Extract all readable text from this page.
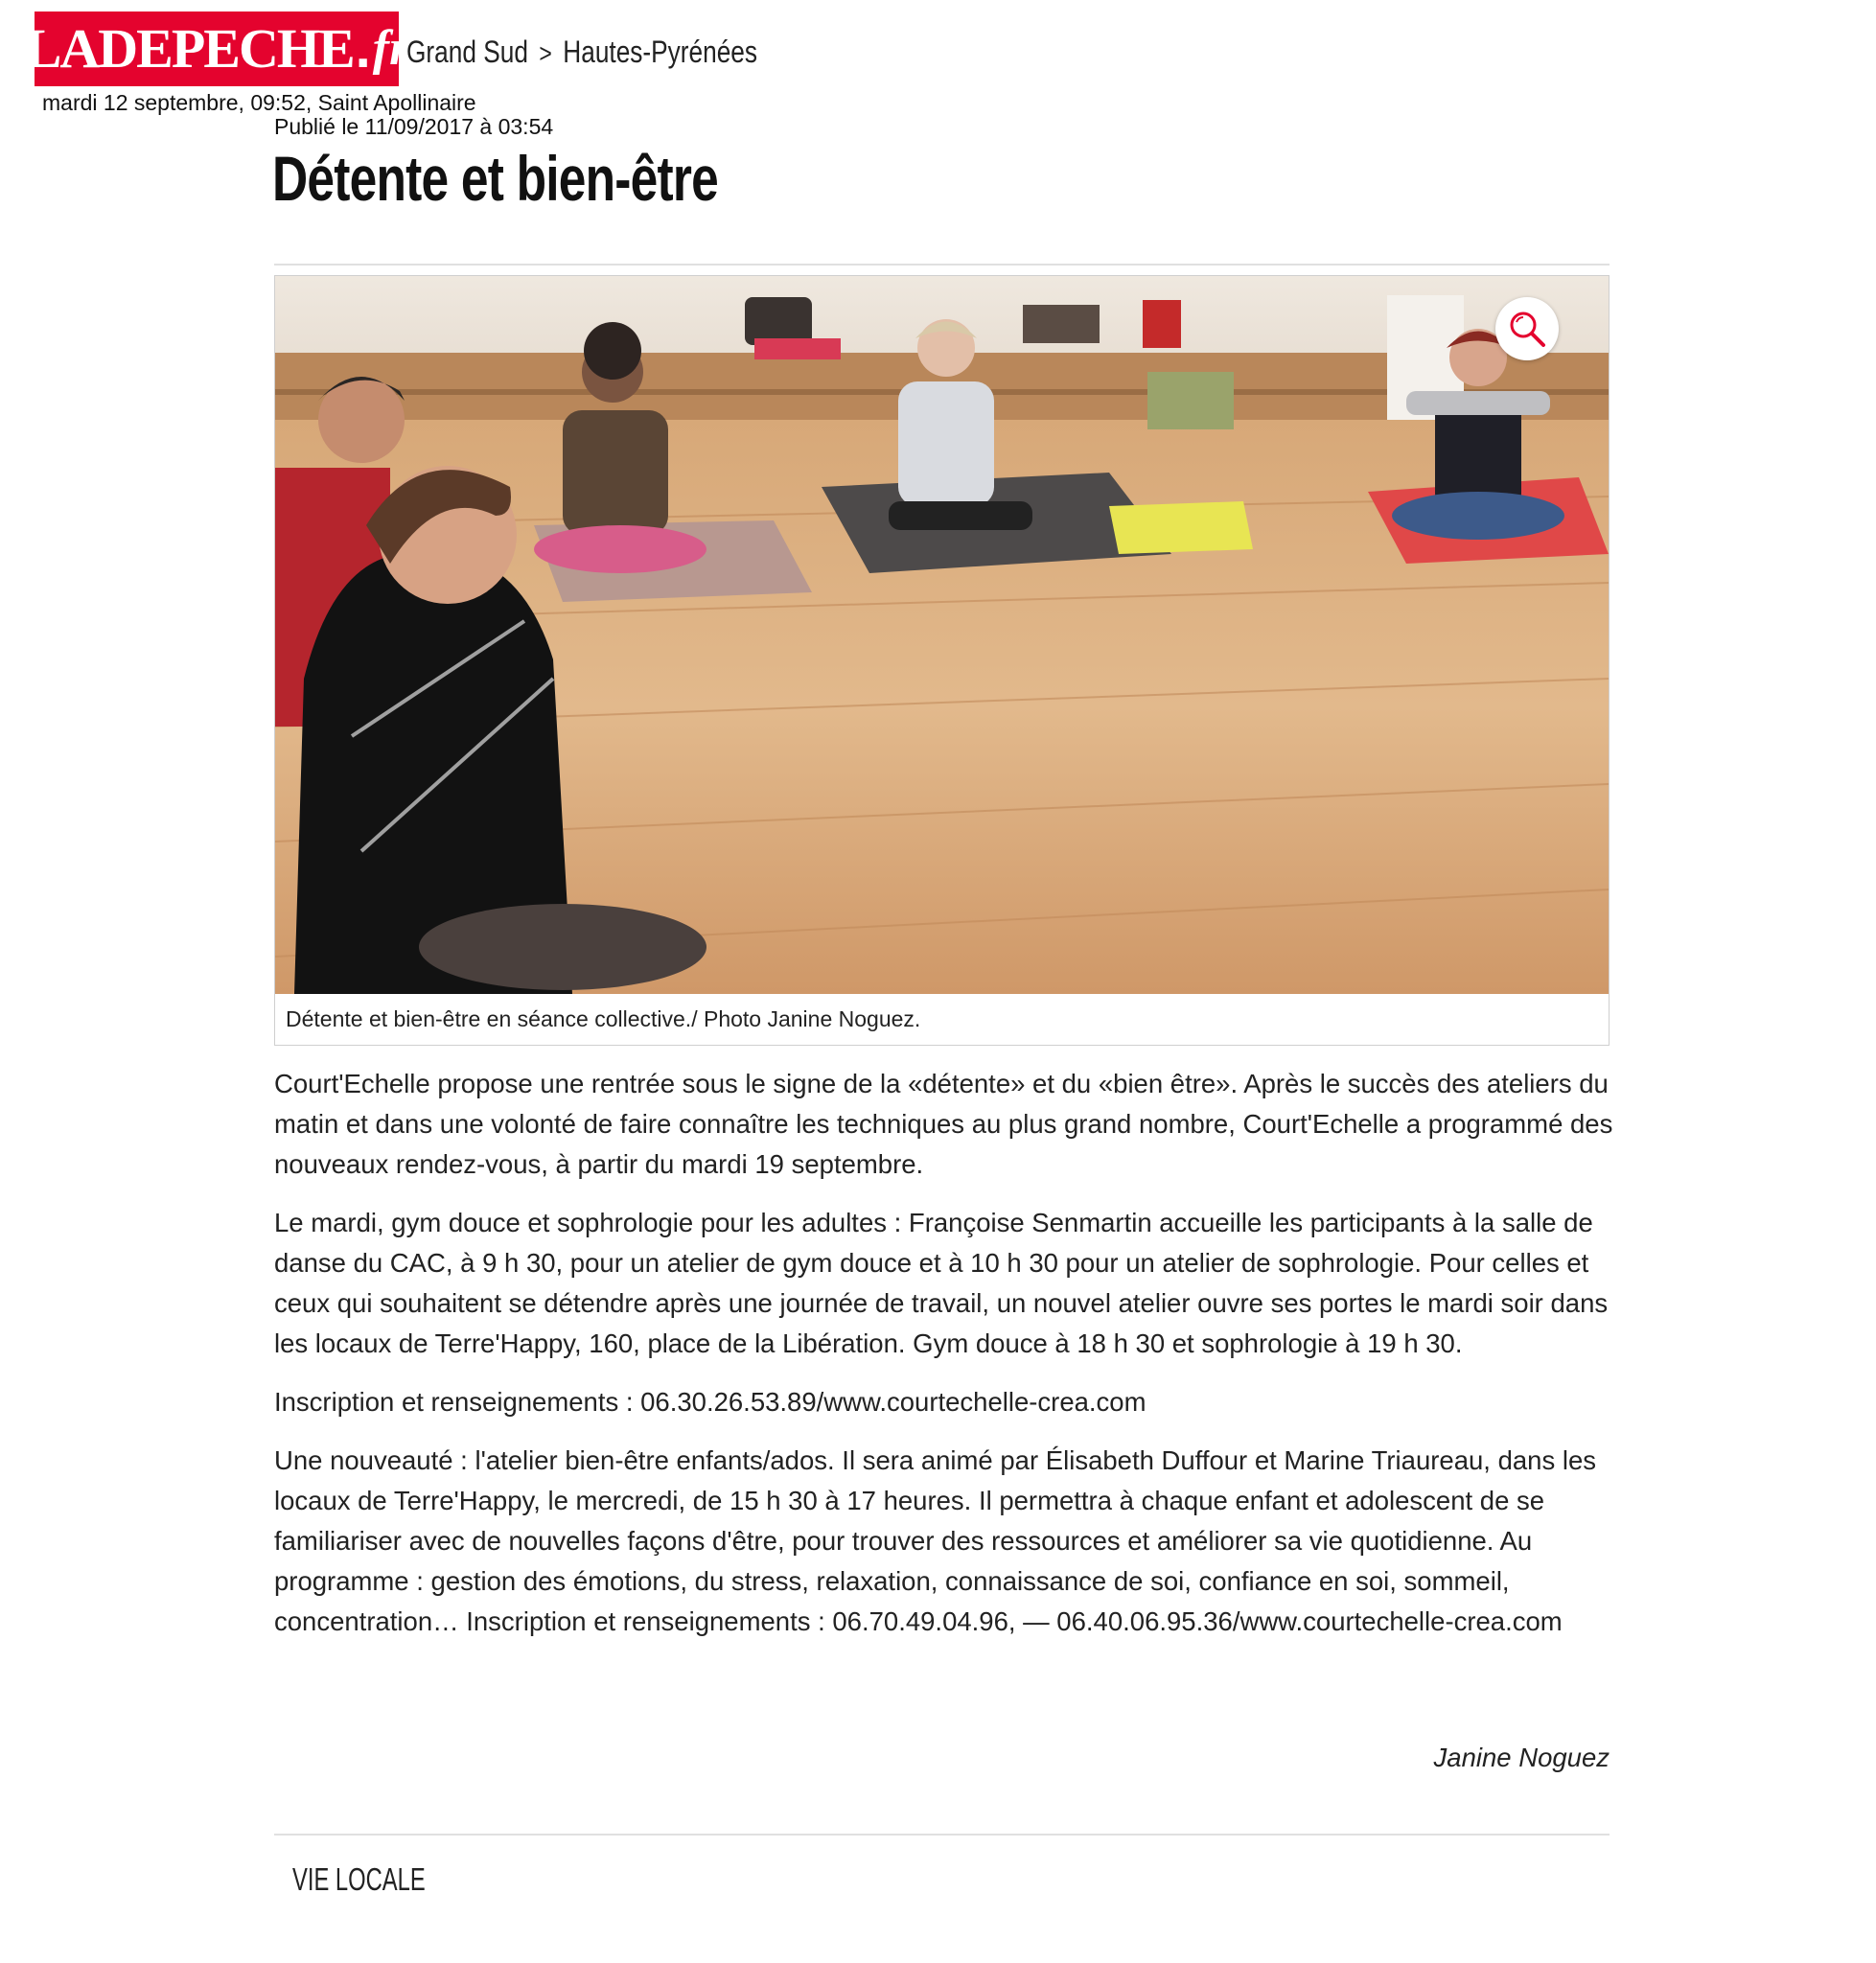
LADEPECHE . fr
Grand Sud > Hautes-Pyrénées
mardi 12 septembre, 09:52, Saint Apollinaire
Publié le 11/09/2017 à 03:54
Détente et bien-être
Détente et bien-être en séance collective./ Photo Janine Noguez.

Court'Echelle propose une rentrée sous le signe de la «détente» et du «bien être». Après le succès des ateliers du matin et dans une volonté de faire connaître les techniques au plus grand nombre, Court'Echelle a programmé des nouveaux rendez-vous, à partir du mardi 19 septembre.

Le mardi, gym douce et sophrologie pour les adultes : Françoise Senmartin accueille les participants à la salle de danse du CAC, à 9 h 30, pour un atelier de gym douce et à 10 h 30 pour un atelier de sophrologie. Pour celles et ceux qui souhaitent se détendre après une journée de travail, un nouvel atelier ouvre ses portes le mardi soir dans les locaux de Terre'Happy, 160, place de la Libération. Gym douce à 18 h 30 et sophrologie à 19 h 30.

Inscription et renseignements : 06.30.26.53.89/www.courtechelle-crea.com

Une nouveauté : l'atelier bien-être enfants/ados. Il sera animé par Élisabeth Duffour et Marine Triaureau, dans les locaux de Terre'Happy, le mercredi, de 15 h 30 à 17 heures. Il permettra à chaque enfant et adolescent de se familiariser avec de nouvelles façons d'être, pour trouver des ressources et améliorer sa vie quotidienne. Au programme : gestion des émotions, du stress, relaxation, connaissance de soi, confiance en soi, sommeil, concentration… Inscription et renseignements : 06.70.49.04.96, — 06.40.06.95.36/www.courtechelle-crea.com

Janine Noguez
VIE LOCALE
